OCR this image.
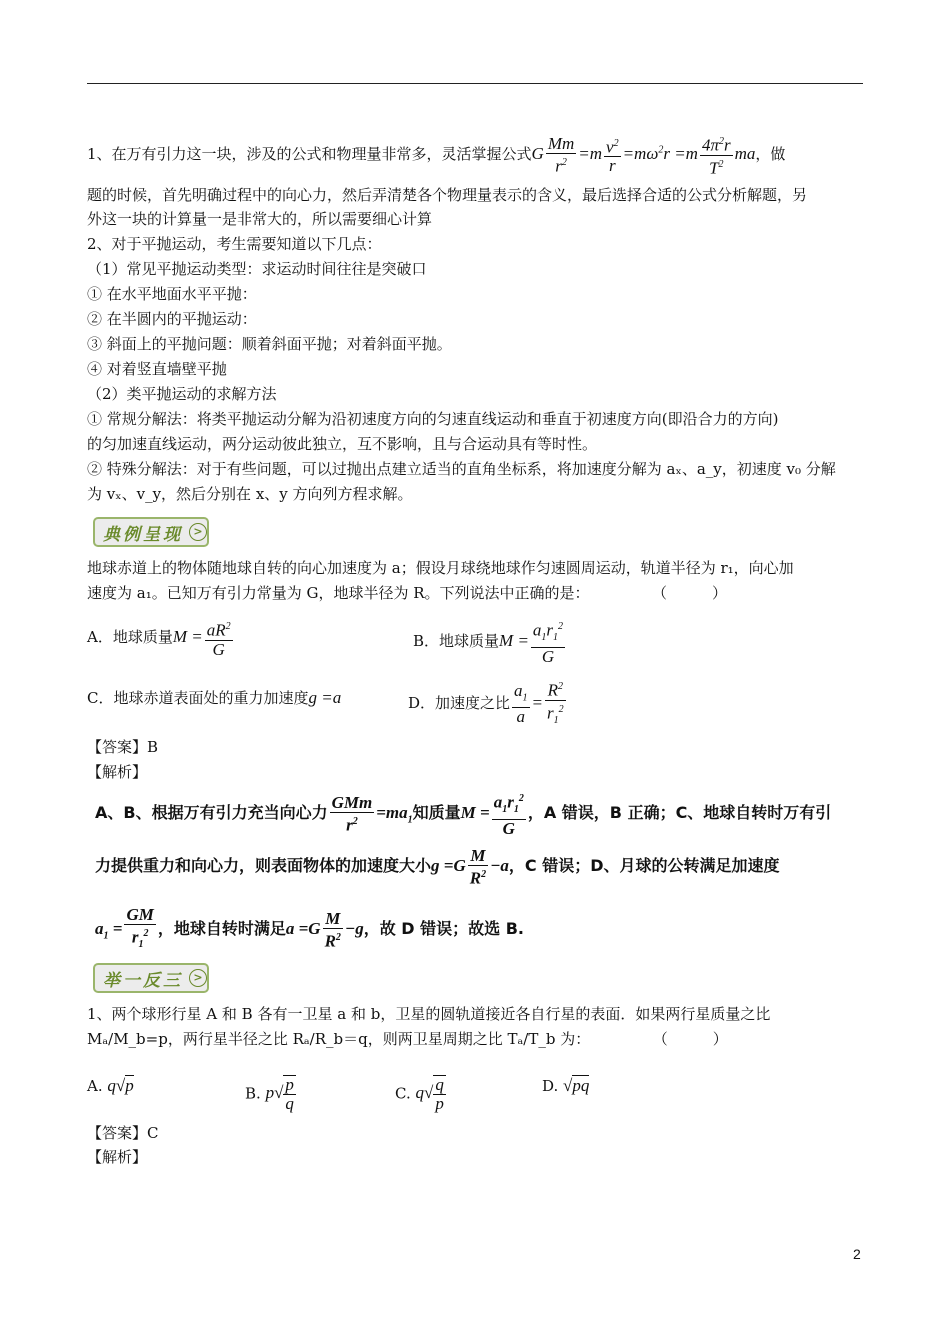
1、在万有引力这一块，涉及的公式和物理量非常多，灵活掌握公式G $\frac{Mm}{r^2} =m \frac{v^2}{r} =m\omega^2r =m \frac{4\pi^2r}{T^2}$ ma，做
题的时候，首先明确过程中的向心力，然后弄清楚各个物理量表示的含义，最后选择合适的公式分析解题，另
外这一块的计算量一是非常大的，所以需要细心计算
2、对于平抛运动，考生需要知道以下几点：
（1）常见平抛运动类型：求运动时间往往是突破口
① 在水平地面水平平抛：
② 在半圆内的平抛运动：
③ 斜面上的平抛问题：顺着斜面平抛；对着斜面平抛。
④ 对着竖直墙壁平抛
（2）类平抛运动的求解方法
① 常规分解法：将类平抛运动分解为沿初速度方向的匀速直线运动和垂直于初速度方向(即沿合力的方向)
的匀加速直线运动，两分运动彼此独立，互不影响，且与合运动具有等时性。
② 特殊分解法：对于有些问题，可以过抛出点建立适当的直角坐标系，将加速度分解为 aₓ、a_y，初速度 v₀ 分解
为 vₓ、v_y，然后分别在 x、y 方向列方程求解。
典例呈现 >
地球赤道上的物体随地球自转的向心加速度为 a；假设月球绕地球作匀速圆周运动，轨道半径为 r₁，向心加
速度为 a₁。已知万有引力常量为 G，地球半径为 R。下列说法中正确的是：	（　　　）
A．地球质量$M = \frac{aR^2}{G}$	B．地球质量$M = \frac{a_1r_1^2}{G}$
C．地球赤道表面处的重力加速度g =a	D．加速度之比 $\frac{a_1}{a} = \frac{R^2}{r_1^2}$
【答案】B
【解析】
A、B、根据万有引力充当向心力 $\frac{\text{GMm}}{r^2} =ma_1$知质量$M = \frac{a_1r_1^2}{G}$ ，A 错误，B 正确；C、地球自转时万有引
力提供重力和向心力，则表面物体的加速度大小$g =G \frac{M}{R^2} -a$，C 错误；D、月球的公转满足加速度
$a_1 = \frac{GM}{r_1^2}$ ，地球自转时满足$a =G \frac{M}{R^2} -g$，故 D 错误；故选 B.
举一反三 >
1、两个球形行星 A 和 B 各有一卫星 a 和 b，卫星的圆轨道接近各自行星的表面．如果两行星质量之比
Mₐ/M_b=p，两行星半径之比 Rₐ/R_b＝q，则两卫星周期之比 Tₐ/T_b 为：	（　　　）
A. q√p	B. $p√ \frac{p}{q}$	C. $q√ \frac{q}{p}$	D. √pq
【答案】C
【解析】
2
